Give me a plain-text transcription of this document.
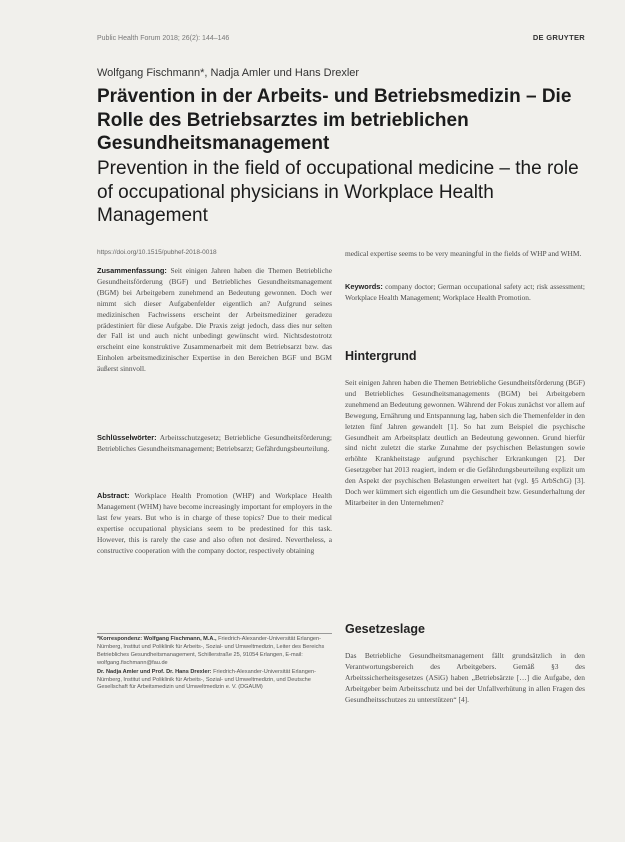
Public Health Forum 2018; 26(2): 144–146	DE GRUYTER
Wolfgang Fischmann*, Nadja Amler und Hans Drexler
Prävention in der Arbeits- und Betriebsmedizin – Die Rolle des Betriebsarztes im betrieblichen Gesundheitsmanagement
Prevention in the field of occupational medicine – the role of occupational physicians in Workplace Health Management
https://doi.org/10.1515/pubhef-2018-0018

Zusammenfassung: Seit einigen Jahren haben die Themen Betriebliche Gesundheitsförderung (BGF) und Betriebliches Gesundheitsmanagement (BGM) bei Arbeitgebern zunehmend an Bedeutung gewonnen. Doch wer nimmt sich dieser Aufgabenfelder eigentlich an? Aufgrund seines medizinischen Fachwissens erscheint der Arbeitsmediziner geradezu prädestiniert für diese Aufgabe. Die Praxis zeigt jedoch, dass dies nur selten der Fall ist und auch nicht unbedingt gewünscht wird. Nichtsdestotrotz erscheint eine konstruktive Zusammenarbeit mit dem Betriebsarzt bzw. das Einholen arbeitsmedizinischer Expertise in den Bereichen BGF und BGM äußerst sinnvoll.

Schlüsselwörter: Arbeitsschutzgesetz; Betriebliche Gesundheitsförderung; Betriebliches Gesundheitsmanagement; Betriebsarzt; Gefährdungsbeurteilung.

Abstract: Workplace Health Promotion (WHP) and Workplace Health Management (WHM) have become increasingly important for employers in the last few years. But who is in charge of these topics? Due to their medical expertise occupational physicians seem to be predestined for this task. However, this is rarely the case and also often not desired. Nevertheless, a constructive cooperation with the company doctor, respectively obtaining

*Korrespondenz: Wolfgang Fischmann, M.A., Friedrich-Alexander-Universität Erlangen-Nürnberg, Institut und Poliklinik für Arbeits-, Sozial- und Umweltmedizin, Leiter des Bereichs Betriebliches Gesundheitsmanagement, Schillerstraße 25, 91054 Erlangen, E-mail: wolfgang.fischmann@fau.de

Dr. Nadja Amler und Prof. Dr. Hans Drexler: Friedrich-Alexander-Universität Erlangen-Nürnberg, Institut und Poliklinik für Arbeits-, Sozial- und Umweltmedizin, und Deutsche Gesellschaft für Arbeitsmedizin und Umweltmedizin e. V. (DGAUM)

medical expertise seems to be very meaningful in the fields of WHP and WHM.

Keywords: company doctor; German occupational safety act; risk assessment; Workplace Health Management; Workplace Health Promotion.

Hintergrund

Seit einigen Jahren haben die Themen Betriebliche Gesundheitsförderung (BGF) und Betriebliches Gesundheitsmanagements (BGM) bei Arbeitgebern zunehmend an Bedeutung gewonnen. Während der Fokus zunächst vor allem auf Bewegung, Ernährung und Entspannung lag, haben sich die Themenfelder in den letzten fünf Jahren gewandelt [1]. So hat zum Beispiel die psychische Gesundheit am Arbeitsplatz deutlich an Bedeutung gewonnen. Grund hierfür sind nicht zuletzt die starke Zunahme der psychischen Belastungen sowie erhöhte Krankheitstage aufgrund psychischer Erkrankungen [2]. Der Gesetzgeber hat 2013 reagiert, indem er die Gefährdungsbeurteilung explizit um den Aspekt der psychischen Belastungen erweitert hat (vgl. §5 ArbSchG) [3]. Doch wer kümmert sich eigentlich um die Gesundheit bzw. Gesunderhaltung der Mitarbeiter in den Unternehmen?

Gesetzeslage

Das Betriebliche Gesundheitsmanagement fällt grundsätzlich in den Verantwortungsbereich des Arbeitgebers. Gemäß §3 des Arbeitssicherheitsgesetzes (ASiG) haben „Betriebsärzte […] die Aufgabe, den Arbeitgeber beim Arbeitsschutz und bei der Unfallverhütung in allen Fragen des Gesundheitsschutzes zu unterstützen“ [4].
